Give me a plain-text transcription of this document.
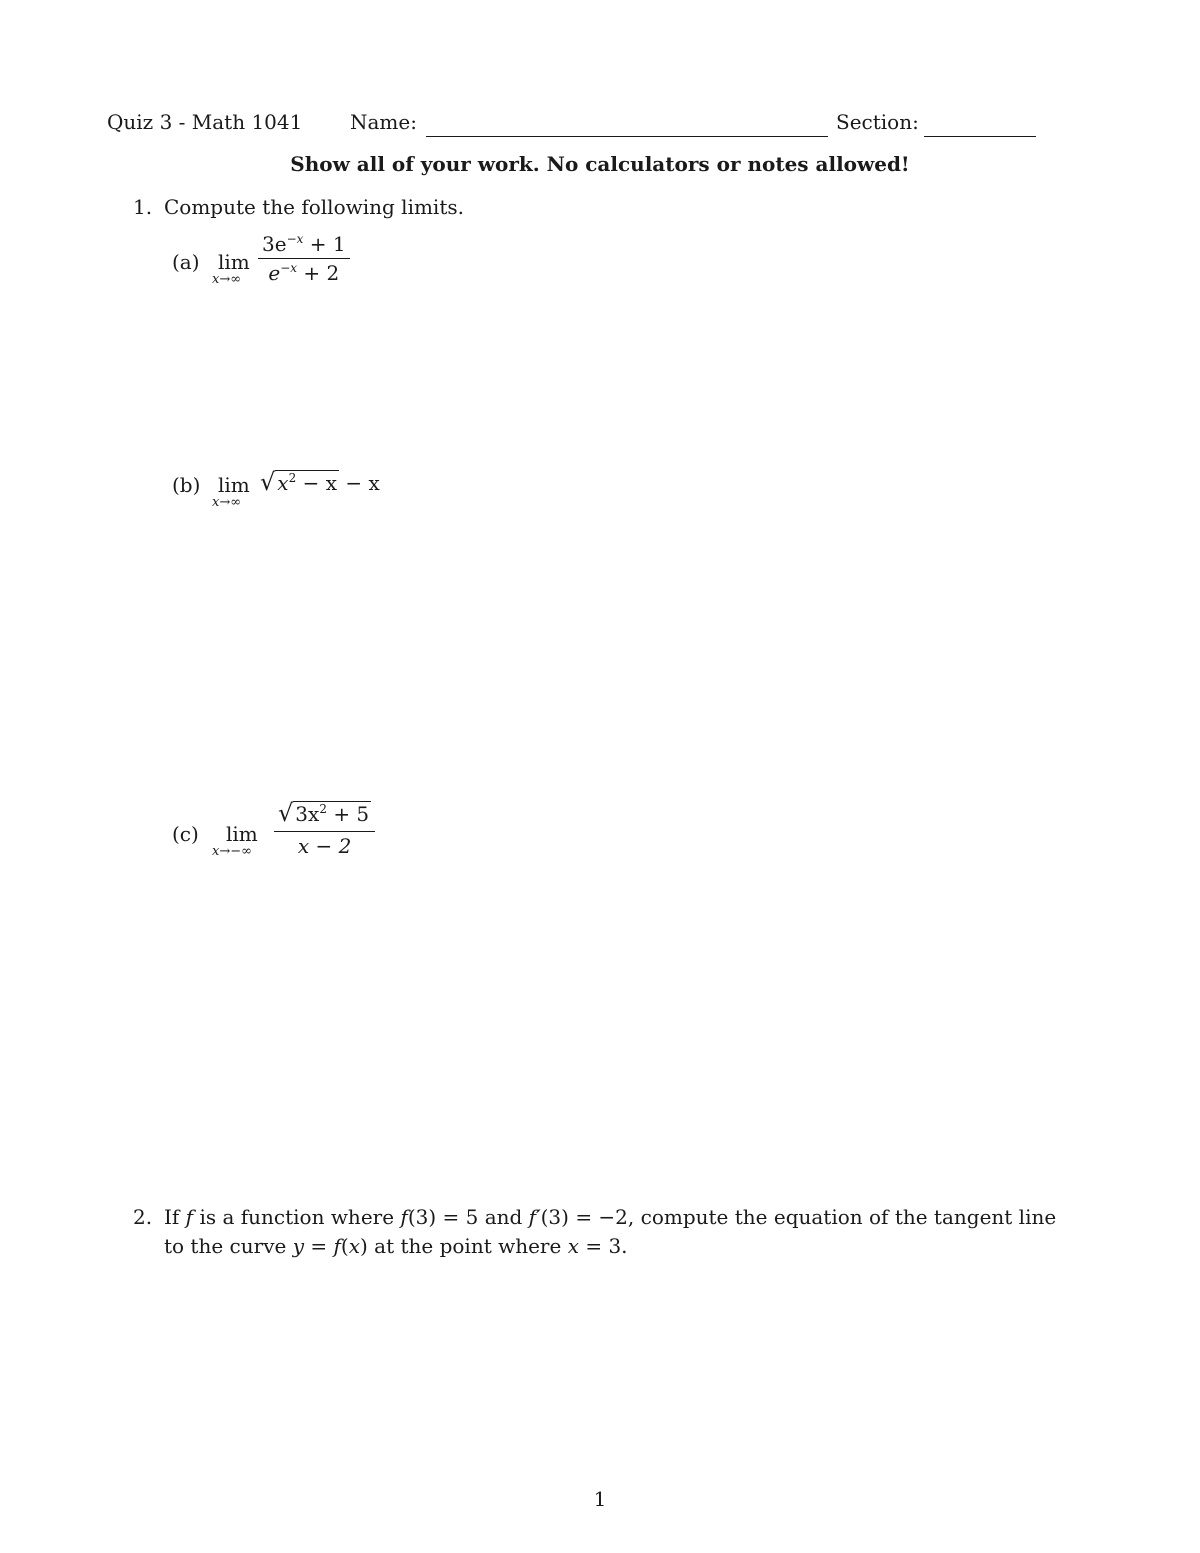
Quiz 3 - Math 1041 Name:	Section:
Show all of your work. No calculators or notes allowed!
1. Compute the following limits.
(a) lim
x→∞
$3e^{-x} + 1$
$e^{-x} + 2$
(b) lim
x→∞
√ $x^2 - x - x$
(c) lim
x→−∞
√ $3x^2 + 5$
x − 2
2. If f is a function where f(3) = 5 and f′(3) = −2, compute the equation of the tangent line
to the curve y = f(x) at the point where x = 3.
1
